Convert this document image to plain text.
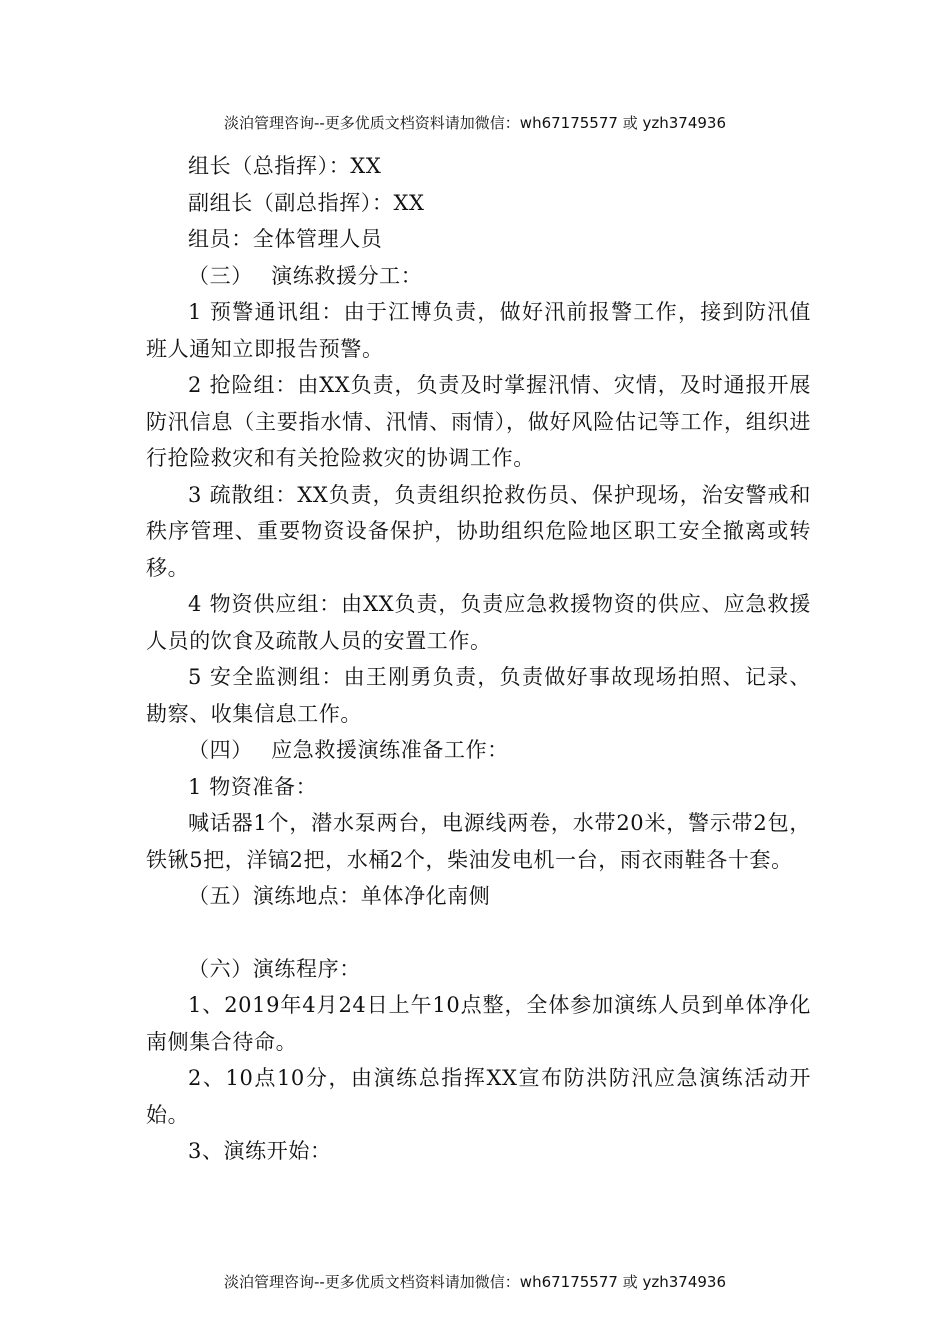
淡泊管理咨询--更多优质文档资料请加微信：wh67175577 或 yzh374936

组长（总指挥）：XX

副组长（副总指挥）：XX

组员：全体管理人员

（三）　 演练救援分工：

1 预警通讯组：由于江博负责，做好汛前报警工作，接到防汛值班人通知立即报告预警。

2 抢险组：由XX负责，负责及时掌握汛情、灾情，及时通报开展防汛信息（主要指水情、汛情、雨情），做好风险估记等工作，组织进行抢险救灾和有关抢险救灾的协调工作。

3 疏散组：XX负责，负责组织抢救伤员、保护现场，治安警戒和秩序管理、重要物资设备保护，协助组织危险地区职工安全撤离或转移。

4 物资供应组：由XX负责，负责应急救援物资的供应、应急救援人员的饮食及疏散人员的安置工作。

5 安全监测组：由王刚勇负责，负责做好事故现场拍照、记录、勘察、收集信息工作。

（四）　 应急救援演练准备工作：

1 物资准备：

喊话器1个，潜水泵两台，电源线两卷，水带20米，警示带2包，铁锹5把，洋镐2把，水桶2个，柴油发电机一台，雨衣雨鞋各十套。

（五）演练地点：单体净化南侧

（六）演练程序：

1、2019年4月24日上午10点整，全体参加演练人员到单体净化南侧集合待命。

2、10点10分，由演练总指挥XX宣布防洪防汛应急演练活动开始。

3、演练开始：

淡泊管理咨询--更多优质文档资料请加微信：wh67175577 或 yzh374936
